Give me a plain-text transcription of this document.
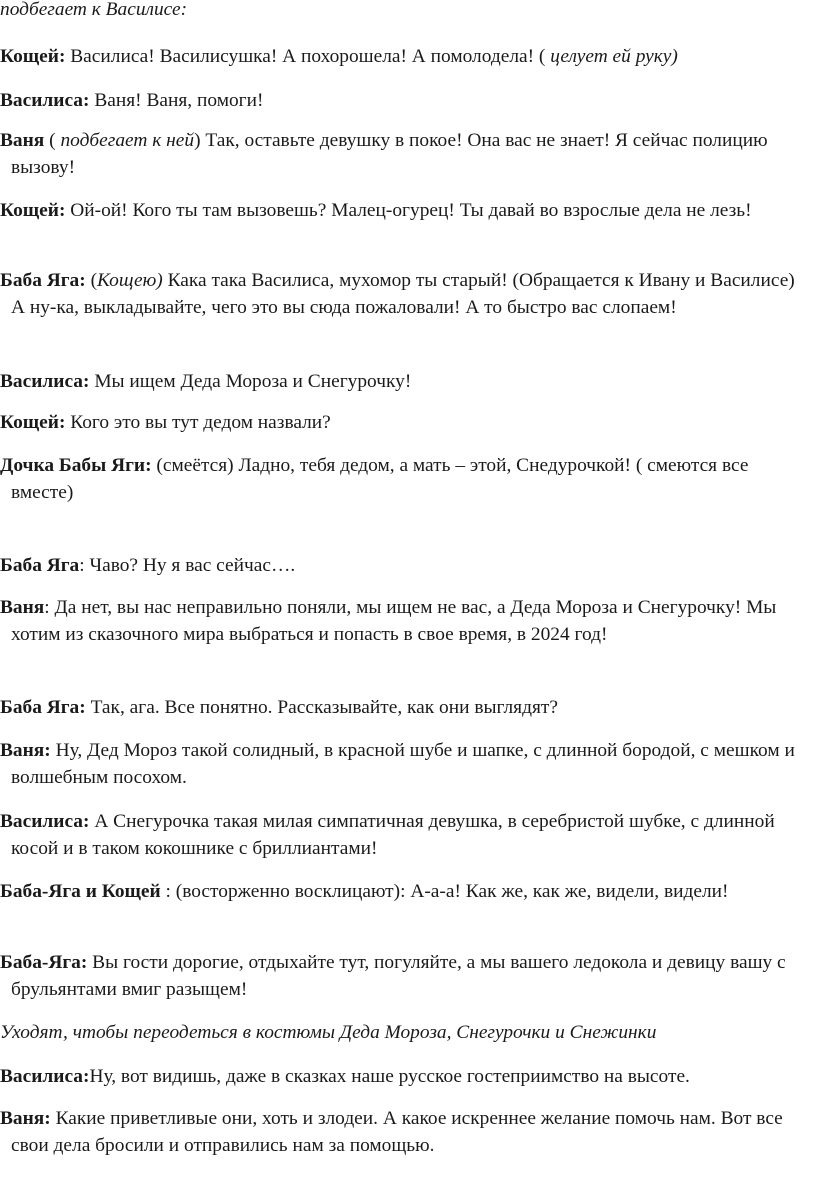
подбегает к Василисе:
Кощей: Василиса! Василисушка! А похорошела! А помолодела! ( целует ей руку)
Василиса: Ваня! Ваня, помоги!
Ваня ( подбегает к ней) Так, оставьте девушку в покое! Она вас не знает! Я сейчас полицию вызову!
Кощей: Ой-ой! Кого ты там вызовешь? Малец-огурец! Ты давай во взрослые дела не лезь!
Баба Яга: (Кощею) Кака така Василиса, мухомор ты старый! (Обращается к Ивану и Василисе) А ну-ка, выкладывайте, чего это вы сюда пожаловали! А то быстро вас слопаем!
Василиса: Мы ищем Деда Мороза и Снегурочку!
Кощей: Кого это вы тут дедом назвали?
Дочка Бабы Яги: (смеётся) Ладно, тебя дедом, а мать – этой, Снедурочкой! ( смеются все вместе)
Баба Яга: Чаво? Ну я вас сейчас….
Ваня: Да нет, вы нас неправильно поняли, мы ищем не вас, а Деда Мороза и Снегурочку! Мы хотим из сказочного мира выбраться и попасть в свое время, в 2024 год!
Баба Яга: Так, ага. Все понятно. Рассказывайте, как они выглядят?
Ваня: Ну, Дед Мороз такой солидный, в красной шубе и шапке, с длинной бородой, с мешком и волшебным посохом.
Василиса: А Снегурочка такая милая симпатичная девушка, в серебристой шубке, с длинной косой и в таком кокошнике с бриллиантами!
Баба-Яга и Кощей : (восторженно восклицают): А-а-а! Как же, как же, видели, видели!
Баба-Яга: Вы гости дорогие, отдыхайте тут, погуляйте, а мы вашего ледокола и девицу вашу с брульянтами вмиг разыщем!
Уходят, чтобы переодеться в костюмы Деда Мороза, Снегурочки и Снежинки
Василиса:Ну, вот видишь, даже в сказках наше русское гостеприимство на высоте.
Ваня: Какие приветливые они, хоть и злодеи. А какое искреннее желание помочь нам. Вот все свои дела бросили и отправились нам за помощью.
